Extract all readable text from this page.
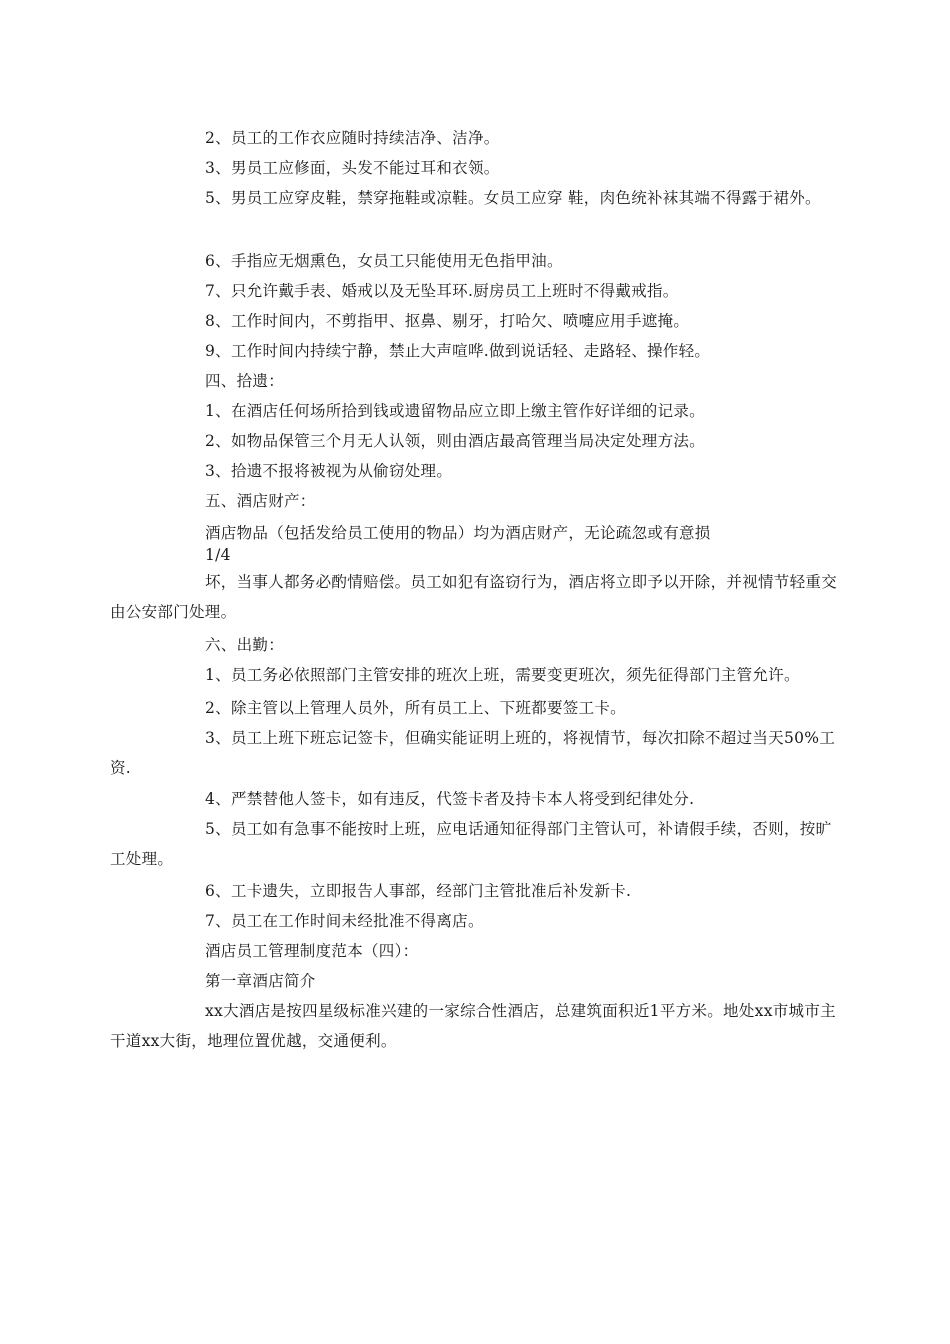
2、员工的工作衣应随时持续洁净、洁净。

3、男员工应修面，头发不能过耳和衣领。

5、男员工应穿皮鞋，禁穿拖鞋或凉鞋。女员工应穿 鞋，肉色统补袜其端不得露于裙外。

6、手指应无烟熏色，女员工只能使用无色指甲油。

7、只允许戴手表、婚戒以及无坠耳环.厨房员工上班时不得戴戒指。

8、工作时间内，不剪指甲、抠鼻、剔牙，打哈欠、喷嚏应用手遮掩。

9、工作时间内持续宁静，禁止大声喧哗.做到说话轻、走路轻、操作轻。

四、拾遗：

1、在酒店任何场所拾到钱或遗留物品应立即上缴主管作好详细的记录。

2、如物品保管三个月无人认领，则由酒店最高管理当局决定处理方法。

3、拾遗不报将被视为从偷窃处理。

五、酒店财产：

酒店物品（包括发给员工使用的物品）均为酒店财产，无论疏忽或有意损

1/4

坏，当事人都务必酌情赔偿。员工如犯有盗窃行为，酒店将立即予以开除，并视情节轻重交由公安部门处理。

六、出勤：

1、员工务必依照部门主管安排的班次上班，需要变更班次，须先征得部门主管允许。

2、除主管以上管理人员外，所有员工上、下班都要签工卡。

3、员工上班下班忘记签卡，但确实能证明上班的，将视情节，每次扣除不超过当天50%工资.

4、严禁替他人签卡，如有违反，代签卡者及持卡本人将受到纪律处分.

5、员工如有急事不能按时上班，应电话通知征得部门主管认可，补请假手续，否则，按旷工处理。

6、工卡遗失，立即报告人事部，经部门主管批准后补发新卡.

7、员工在工作时间未经批准不得离店。

酒店员工管理制度范本（四）：

第一章酒店简介

xx大酒店是按四星级标准兴建的一家综合性酒店，总建筑面积近1平方米。地处xx市城市主干道xx大街，地理位置优越，交通便利。
